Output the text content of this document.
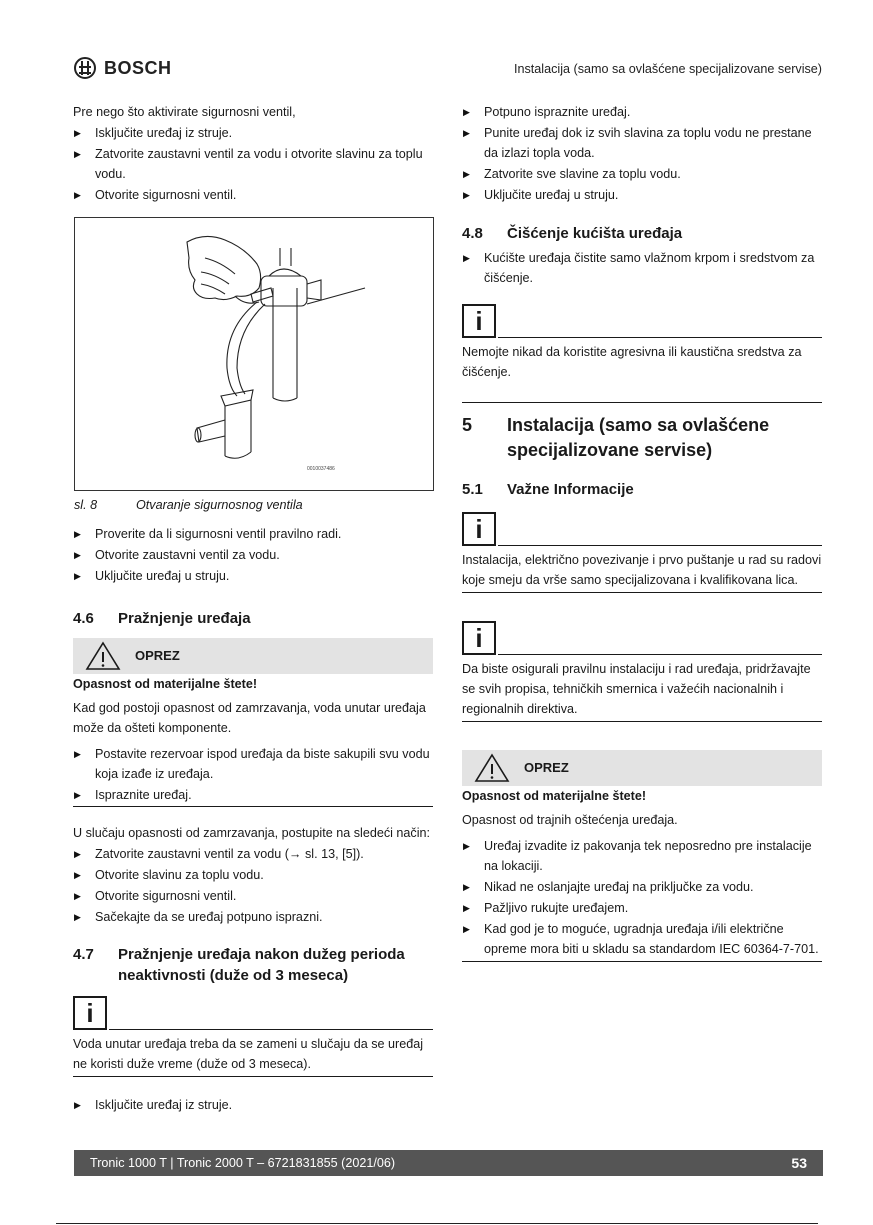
BOSCH	Instalacija (samo sa ovlašćene specijalizovane servise)

Pre nego što aktivirate sigurnosni ventil,

▶ Isključite uređaj iz struje.

▶ Zatvorite zaustavni ventil za vodu i otvorite slavinu za toplu vodu.

▶ Otvorite sigurnosni ventil.

0010037486
sl. 8	Otvaranje sigurnosnog ventila

▶ Proverite da li sigurnosni ventil pravilno radi.

▶ Otvorite zaustavni ventil za vodu.

▶ Uključite uređaj u struju.

4.6	Pražnjenje uređaja
OPREZ

Opasnost od materijalne štete!

Kad god postoji opasnost od zamrzavanja, voda unutar uređaja može da ošteti komponente.

▶ Postavite rezervoar ispod uređaja da biste sakupili svu vodu koja izađe iz uređaja.

▶ Ispraznite uređaj.

U slučaju opasnosti od zamrzavanja, postupite na sledeći način:

▶ Zatvorite zaustavni ventil za vodu (→ sl. 13, [5]).

▶ Otvorite slavinu za toplu vodu.

▶ Otvorite sigurnosni ventil.

▶ Sačekajte da se uređaj potpuno isprazni.

4.7	Pražnjenje uređaja nakon dužeg perioda neaktivnosti (duže od 3 meseca)
i

Voda unutar uređaja treba da se zameni u slučaju da se uređaj ne koristi duže vreme (duže od 3 meseca).

▶ Isključite uređaj iz struje.

▶ Potpuno ispraznite uređaj.

▶ Punite uređaj dok iz svih slavina za toplu vodu ne prestane da izlazi topla voda.

▶ Zatvorite sve slavine za toplu vodu.

▶ Uključite uređaj u struju.

4.8	Čišćenje kućišta uređaja

▶ Kućište uređaja čistite samo vlažnom krpom i sredstvom za čišćenje.

i

Nemojte nikad da koristite agresivna ili kaustična sredstva za čišćenje.

5	Instalacija (samo sa ovlašćene specijalizovane servise)
5.1	Važne Informacije
i

Instalacija, električno povezivanje i prvo puštanje u rad su radovi koje smeju da vrše samo specijalizovana i kvalifikovana lica.

i

Da biste osigurali pravilnu instalaciju i rad uređaja, pridržavajte se svih propisa, tehničkih smernica i važećih nacionalnih i regionalnih direktiva.

OPREZ

Opasnost od materijalne štete!

Opasnost od trajnih oštećenja uređaja.

▶ Uređaj izvadite iz pakovanja tek neposredno pre instalacije na lokaciji.

▶ Nikad ne oslanjajte uređaj na priključke za vodu.

▶ Pažljivo rukujte uređajem.

▶ Kad god je to moguće, ugradnja uređaja i/ili električne opreme mora biti u skladu sa standardom IEC 60364-7-701.

Tronic 1000 T | Tronic 2000 T – 6721831855 (2021/06)	53
